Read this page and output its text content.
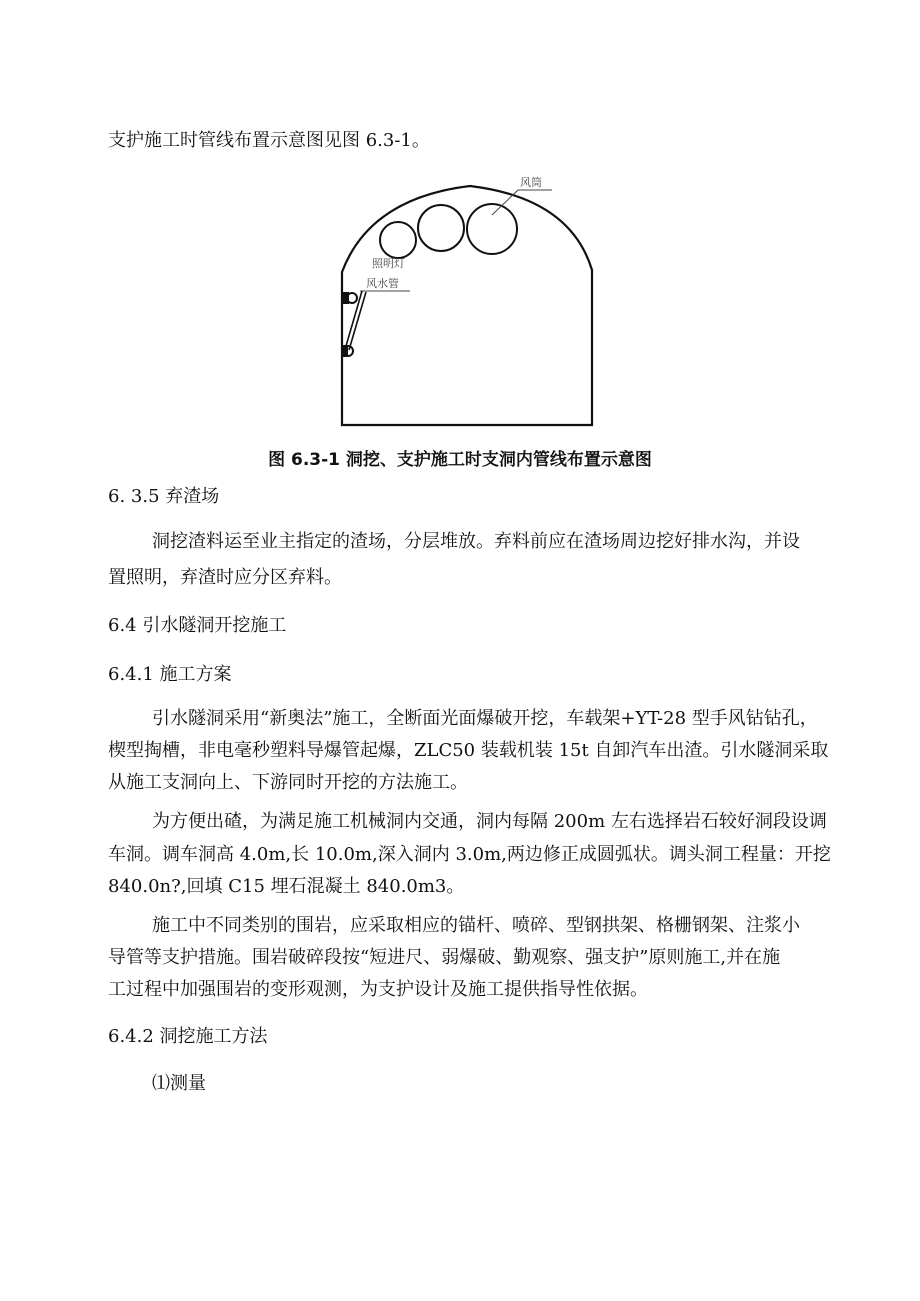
支护施工时管线布置示意图见图 6.3-1。

风筒
照明灯
风水管

图 6.3-1 洞挖、支护施工时支洞内管线布置示意图

6. 3.5 弃渣场

洞挖渣料运至业主指定的渣场，分层堆放。弃料前应在渣场周边挖好排水沟，并设

置照明，弃渣时应分区弃料。

6.4 引水隧洞开挖施工

6.4.1 施工方案

引水隧洞采用“新奥法”施工，全断面光面爆破开挖，车载架+YT-28 型手风钻钻孔，

楔型掏槽，非电毫秒塑料导爆管起爆，ZLC50 装载机装 15t 自卸汽车出渣。引水隧洞采取

从施工支洞向上、下游同时开挖的方法施工。

为方便出碴，为满足施工机械洞内交通，洞内每隔 200m 左右选择岩石较好洞段设调

车洞。调车洞高 4.0m,长 10.0m,深入洞内 3.0m,两边修正成圆弧状。调头洞工程量：开挖

840.0n?,回填 C15 埋石混凝土 840.0m3。

施工中不同类别的围岩，应采取相应的锚杆、喷碎、型钢拱架、格栅钢架、注浆小

导管等支护措施。围岩破碎段按“短进尺、弱爆破、勤观察、强支护”原则施工,并在施

工过程中加强围岩的变形观测，为支护设计及施工提供指导性依据。

6.4.2 洞挖施工方法

⑴测量
